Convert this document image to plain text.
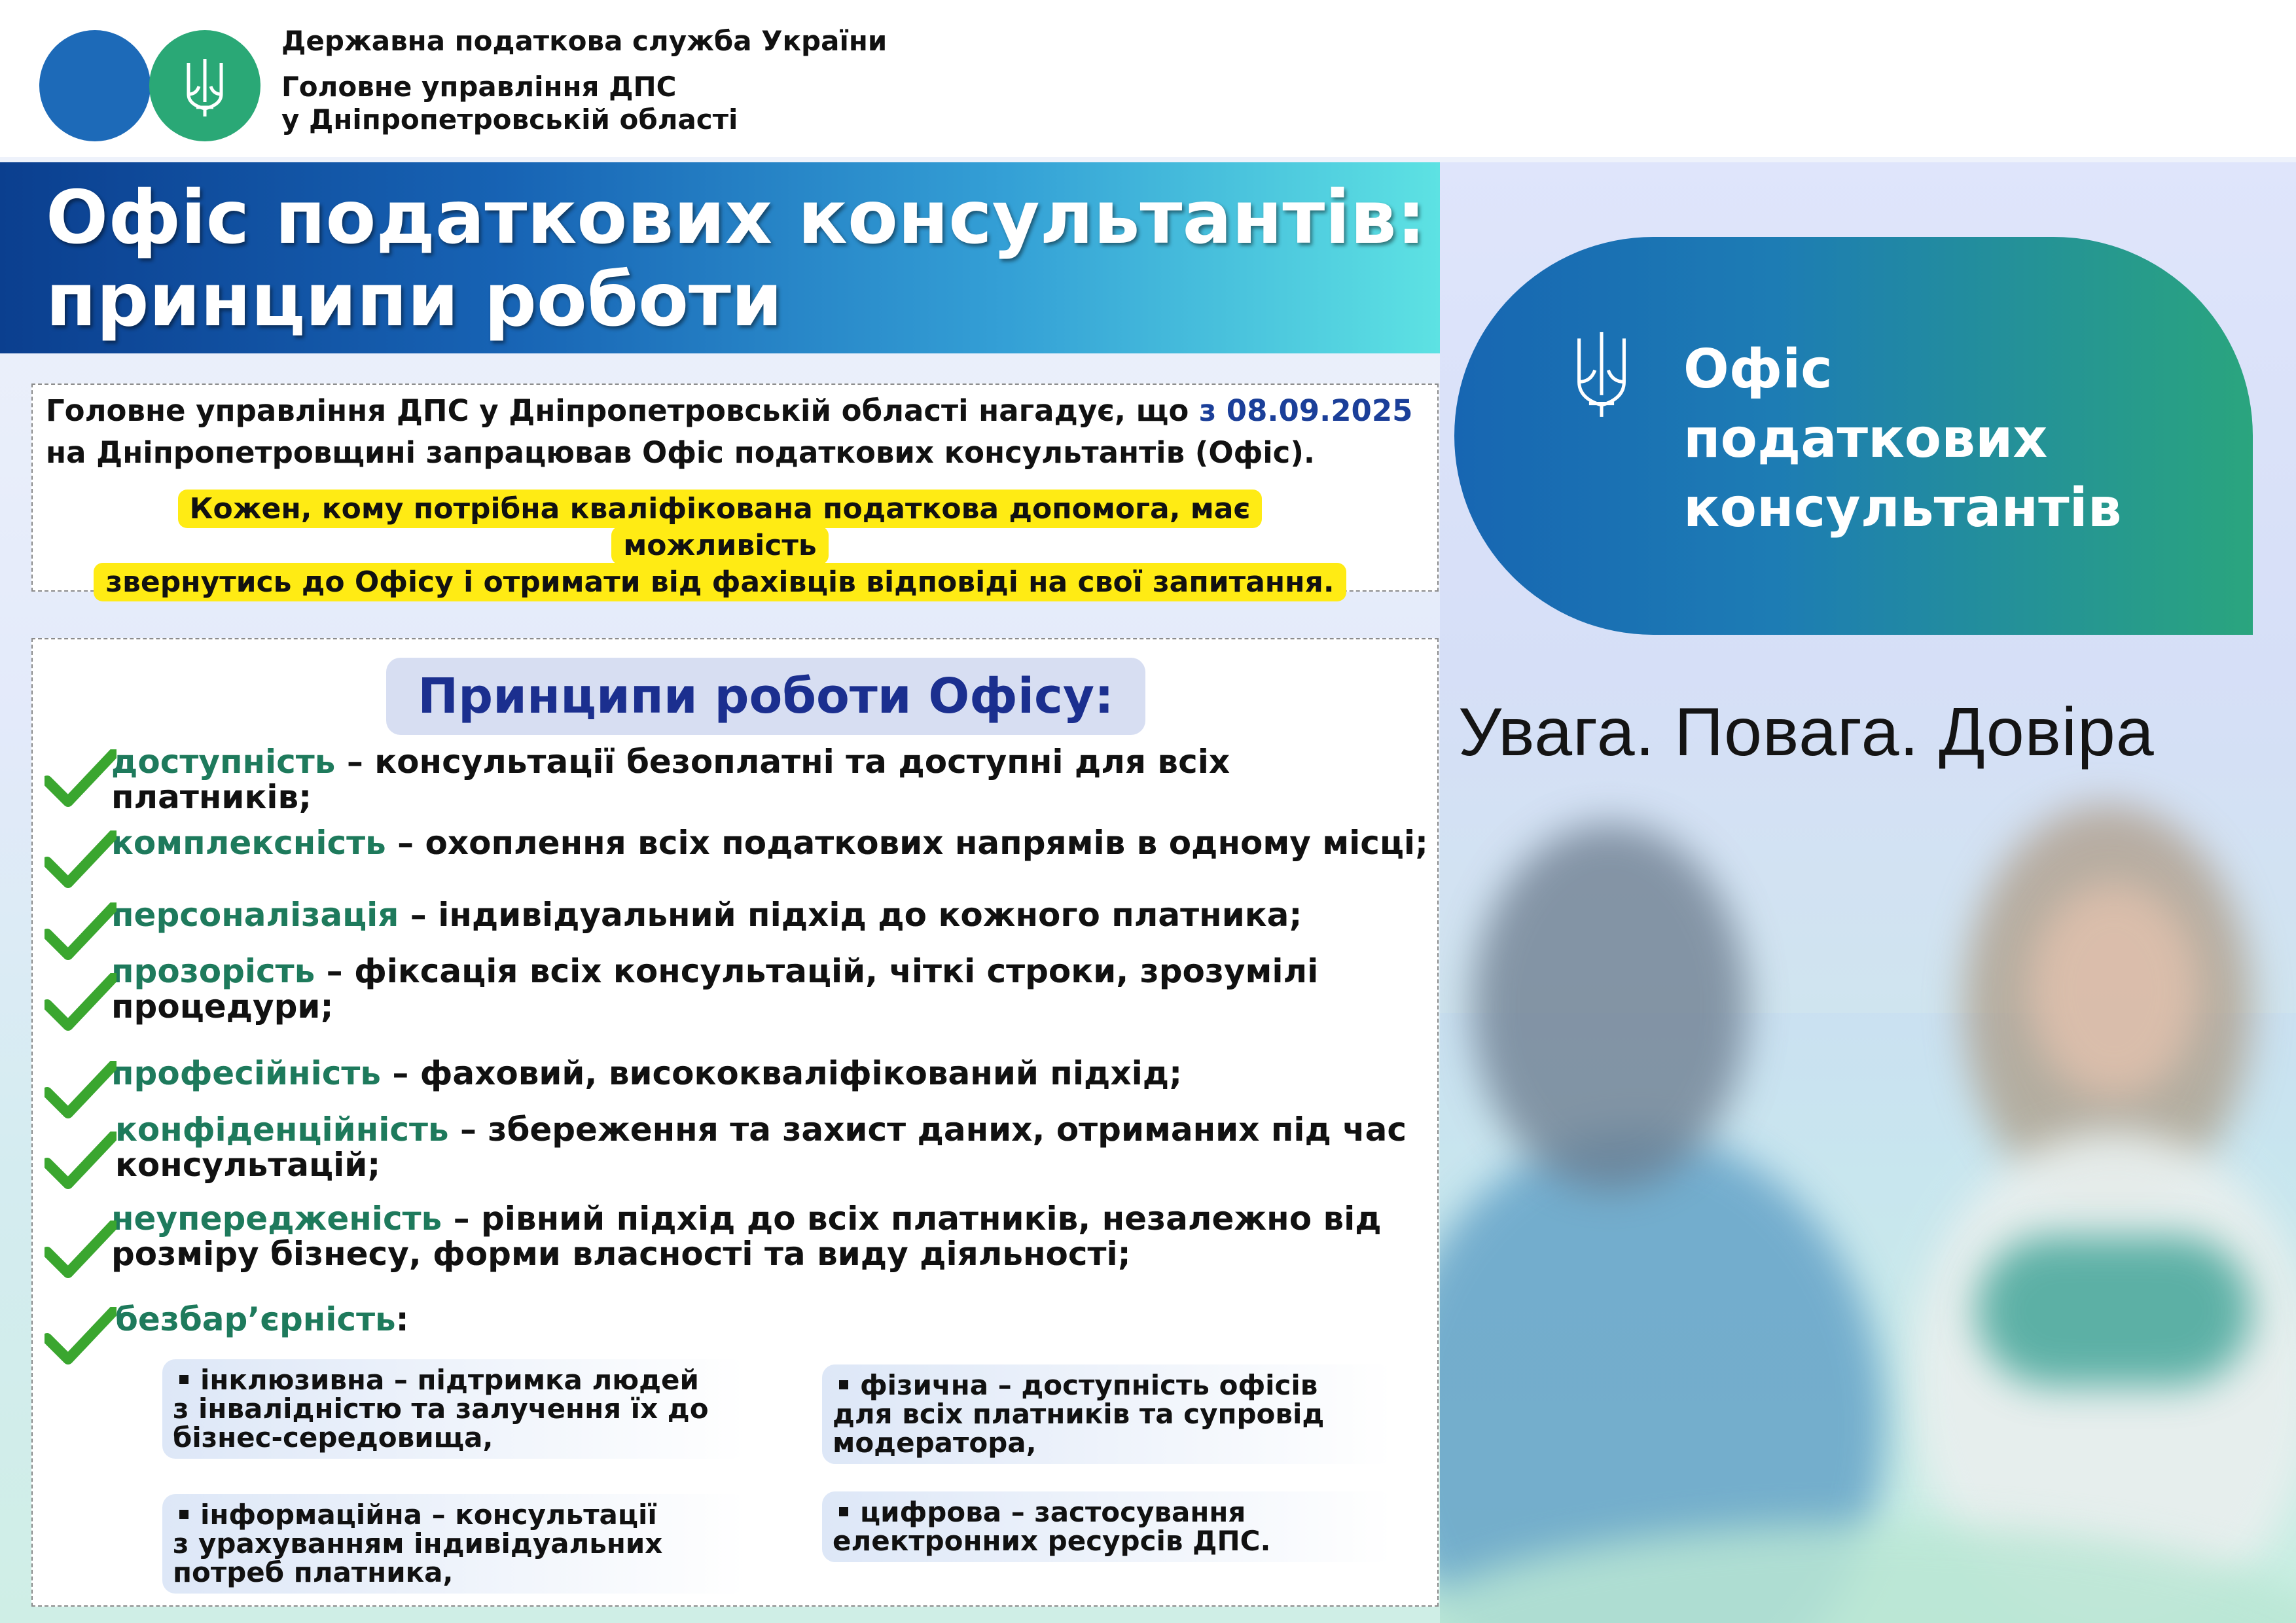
Державна податкова служба України
Головне управління ДПС
у Дніпропетровській області
Офіс податкових консультантів:
принципи роботи
Офіс
податкових
консультантів
Увага. Повага. Довіра
Головне управління ДПС у Дніпропетровській області нагадує, що з 08.09.2025
на Дніпропетровщині запрацював Офіс податкових консультантів (Офіс).
Кожен, кому потрібна кваліфікована податкова допомога, має можливість
звернутись до Офісу і отримати від фахівців відповіді на свої запитання.
Принципи роботи Офісу:
доступність – консультації безоплатні та доступні для всіх платників;
комплексність – охоплення всіх податкових напрямів в одному місці;
персоналізація – індивідуальний підхід до кожного платника;
прозорість – фіксація всіх консультацій, чіткі строки, зрозумілі
процедури;
професійність – фаховий, висококваліфікований підхід;
конфіденційність – збереження та захист даних, отриманих під час
консультацій;
неупередженість – рівний підхід до всіх платників, незалежно від
розміру бізнесу, форми власності та виду діяльності;
безбар’єрність:
інклюзивна – підтримка людей
з інвалідністю та залучення їх до
бізнес-середовища,
фізична – доступність офісів
для всіх платників та супровід
модератора,
інформаційна – консультації
з урахуванням індивідуальних
потреб платника,
цифрова – застосування
електронних ресурсів ДПС.
